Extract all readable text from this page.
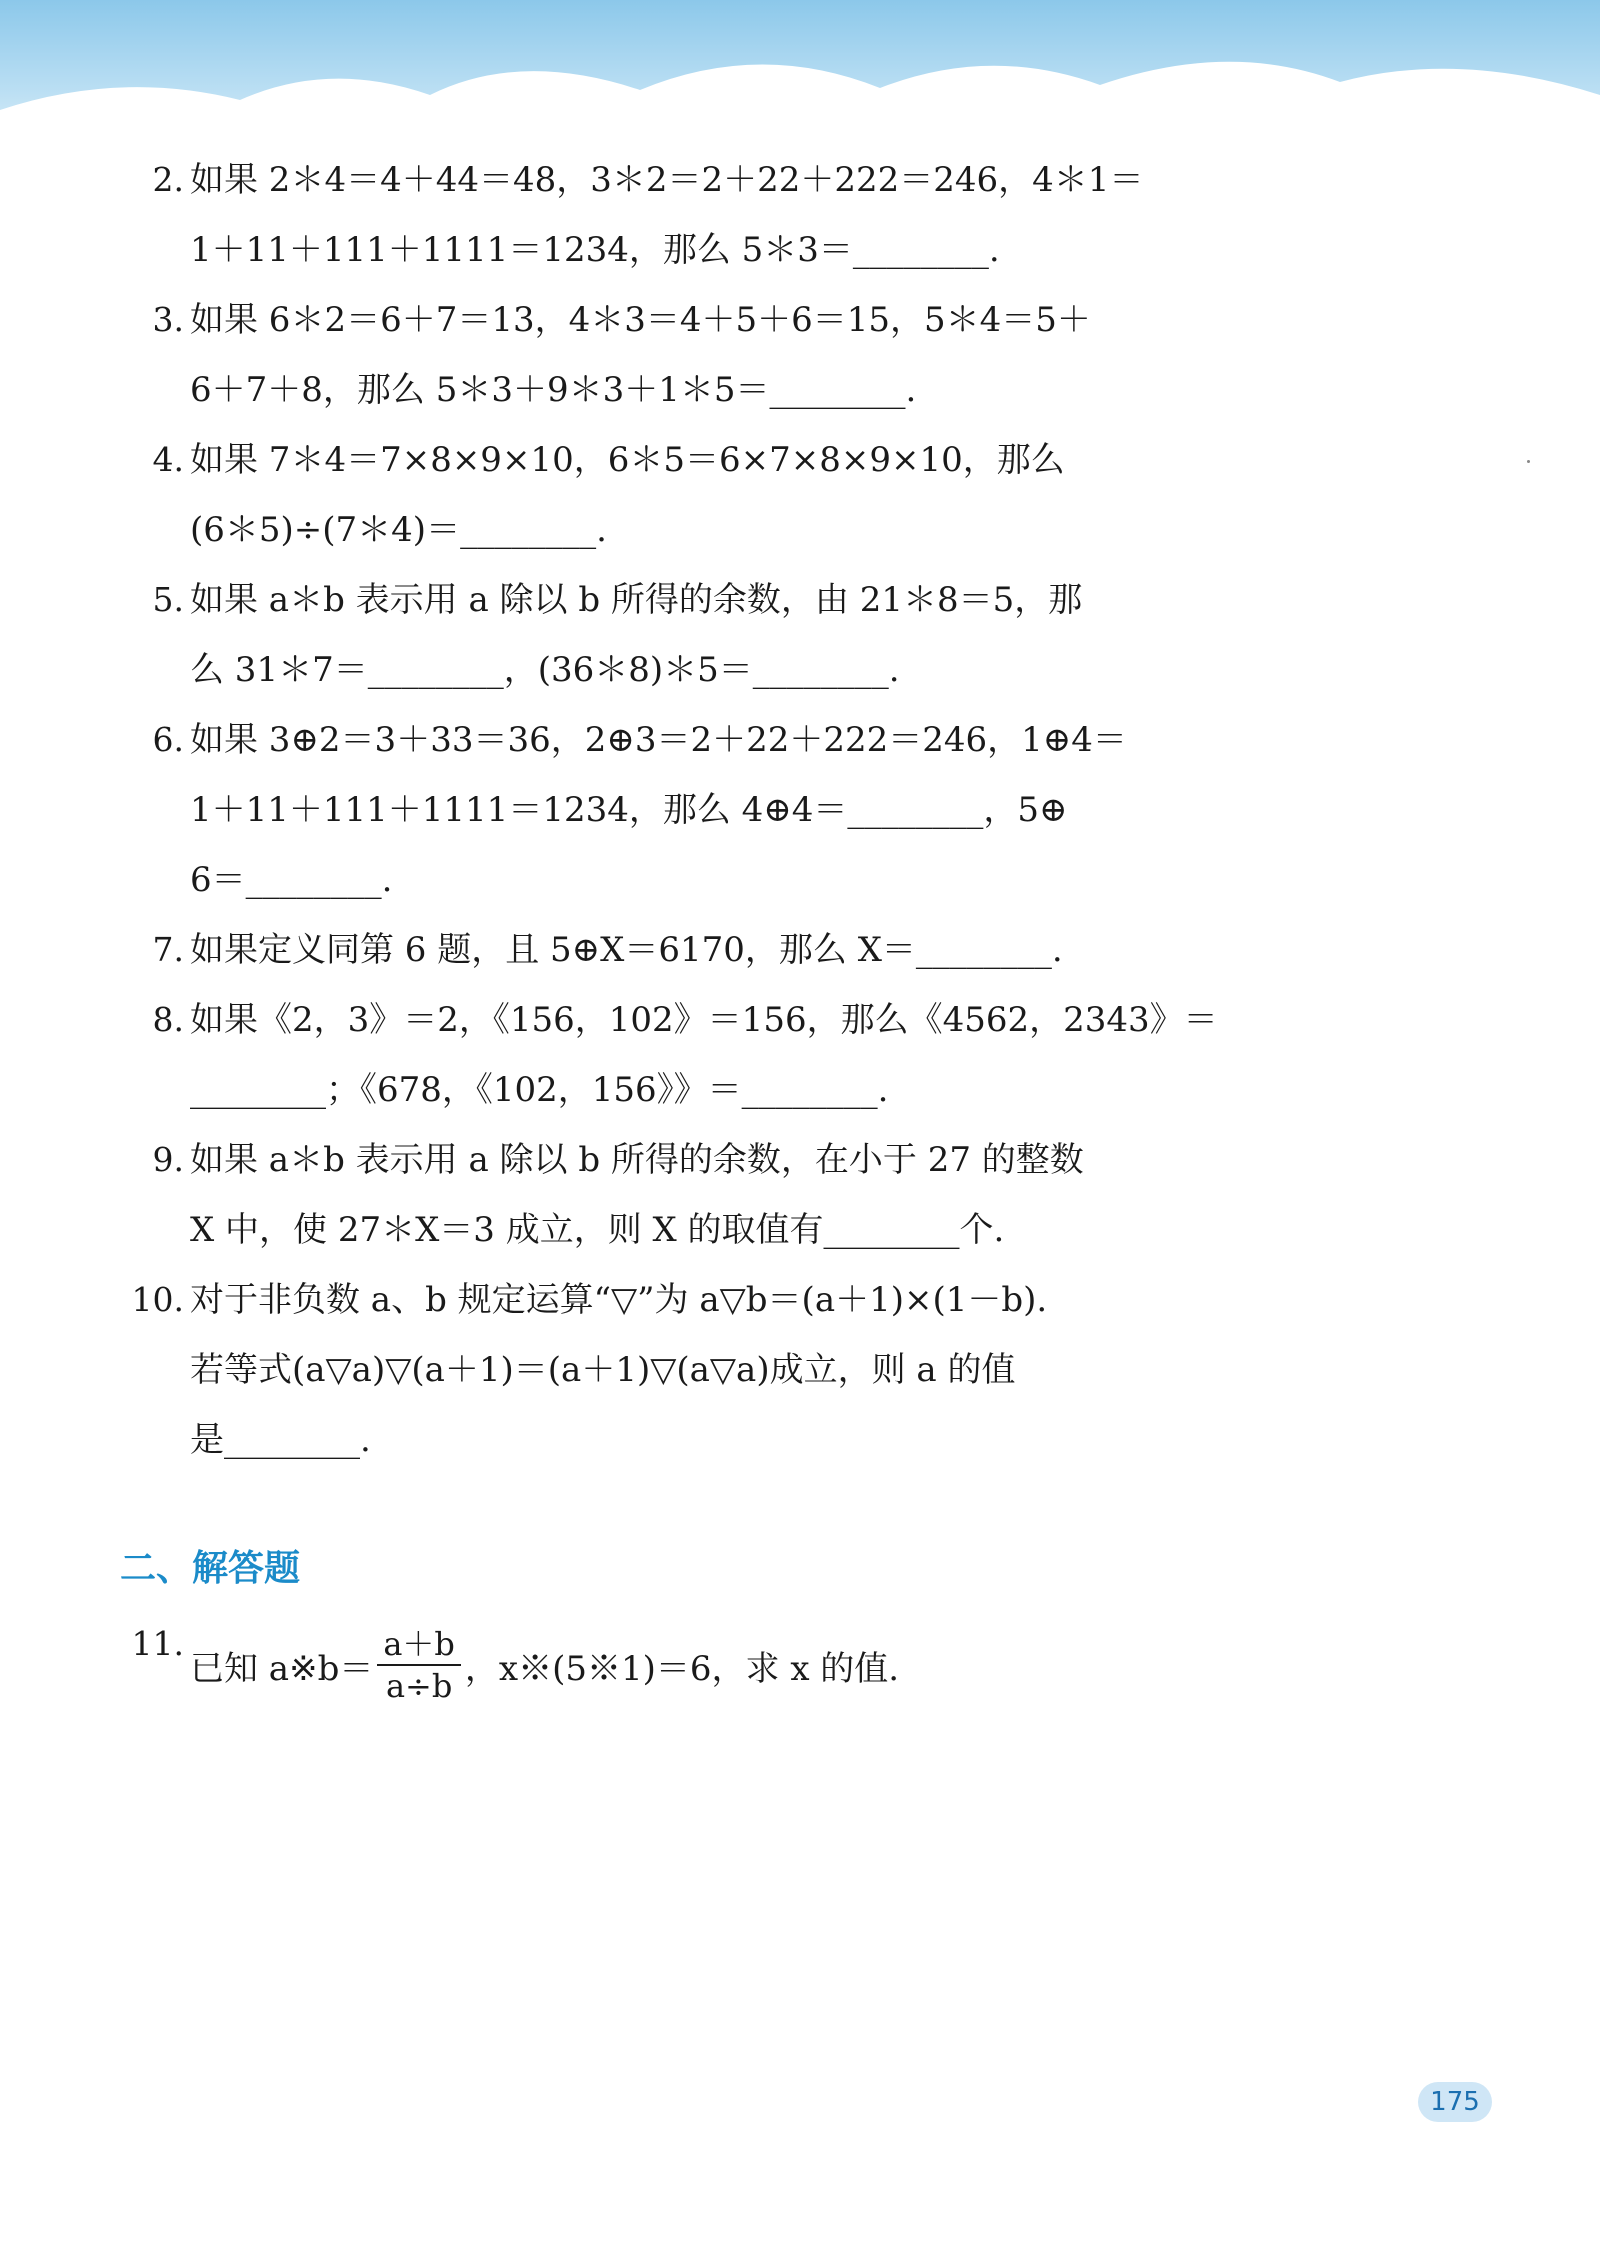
2. 如果 2＊4＝4＋44＝48，3＊2＝2＋22＋222＝246，4＊1＝
1＋11＋111＋1111＝1234，那么 5＊3＝________.
3. 如果 6＊2＝6＋7＝13，4＊3＝4＋5＋6＝15，5＊4＝5＋
6＋7＋8，那么 5＊3＋9＊3＋1＊5＝________.
4. 如果 7＊4＝7×8×9×10，6＊5＝6×7×8×9×10，那么
(6＊5)÷(7＊4)＝________.
5. 如果 a＊b 表示用 a 除以 b 所得的余数，由 21＊8＝5，那
么 31＊7＝________，(36＊8)＊5＝________.
6. 如果 3⊕2＝3＋33＝36，2⊕3＝2＋22＋222＝246，1⊕4＝
1＋11＋111＋1111＝1234，那么 4⊕4＝________，5⊕
6＝________.
7. 如果定义同第 6 题，且 5⊕X＝6170，那么 X＝________.
8. 如果《2，3》＝2，《156，102》＝156，那么《4562，2343》＝
________；《678，《102，156》》＝________.
9. 如果 a＊b 表示用 a 除以 b 所得的余数，在小于 27 的整数
X 中，使 27＊X＝3 成立，则 X 的取值有________个.
10. 对于非负数 a、b 规定运算“▽”为 a▽b＝(a＋1)×(1－b).
若等式(a▽a)▽(a＋1)＝(a＋1)▽(a▽a)成立，则 a 的值
是________.
二、解答题
11.
已知 a※b＝ $\frac{a+b}{a\div b}$ ，x※(5※1)＝6，求 x 的值.
175
